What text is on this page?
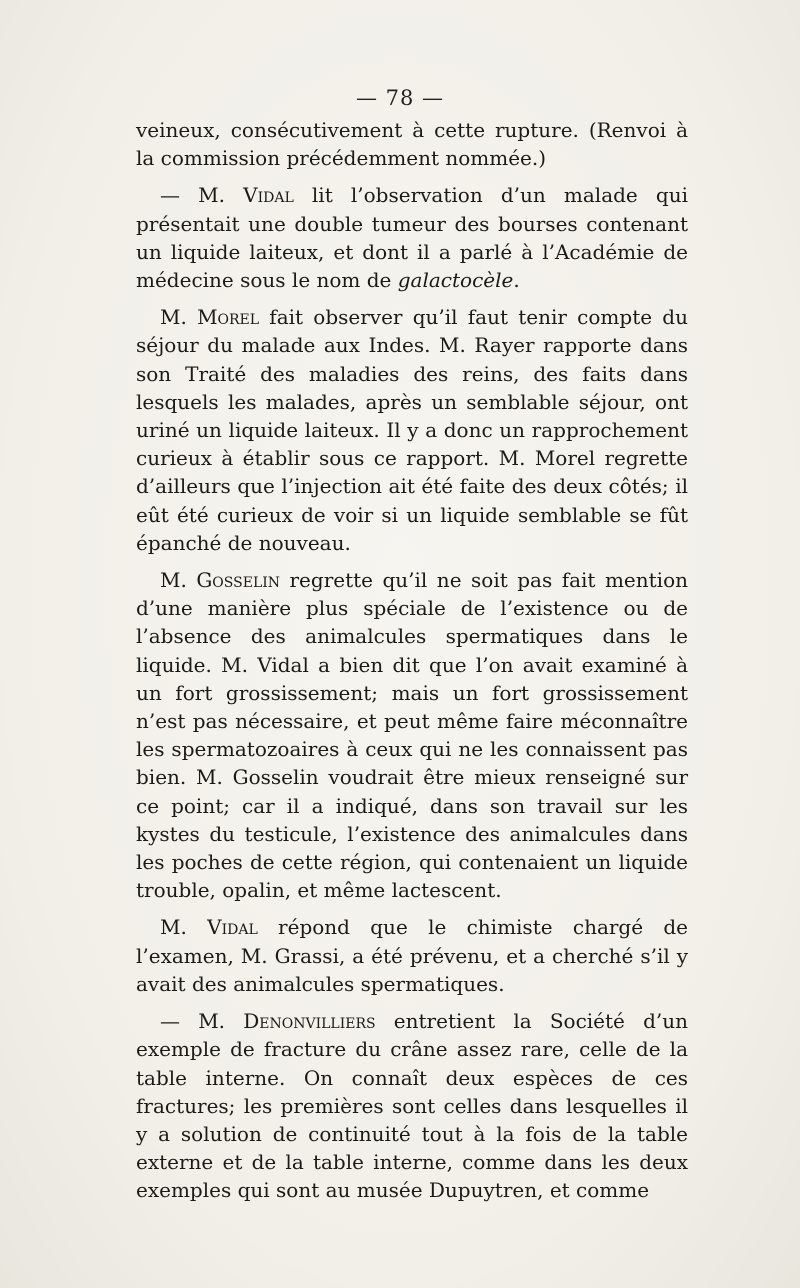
— 78 —

veineux, consécutivement à cette rupture. (Renvoi à la commission précédemment nommée.)

— M. Vidal lit l’observation d’un malade qui présentait une double tumeur des bourses contenant un liquide laiteux, et dont il a parlé à l’Académie de médecine sous le nom de galactocèle.

M. Morel fait observer qu’il faut tenir compte du séjour du malade aux Indes. M. Rayer rapporte dans son Traité des maladies des reins, des faits dans lesquels les malades, après un semblable séjour, ont uriné un liquide laiteux. Il y a donc un rapprochement curieux à établir sous ce rapport. M. Morel regrette d’ailleurs que l’injection ait été faite des deux côtés; il eût été curieux de voir si un liquide semblable se fût épanché de nouveau.

M. Gosselin regrette qu’il ne soit pas fait mention d’une manière plus spéciale de l’existence ou de l’absence des animalcules spermatiques dans le liquide. M. Vidal a bien dit que l’on avait examiné à un fort grossissement; mais un fort grossissement n’est pas nécessaire, et peut même faire méconnaître les spermatozoaires à ceux qui ne les connaissent pas bien. M. Gosselin voudrait être mieux renseigné sur ce point; car il a indiqué, dans son travail sur les kystes du testicule, l’existence des animalcules dans les poches de cette région, qui contenaient un liquide trouble, opalin, et même lactescent.

M. Vidal répond que le chimiste chargé de l’examen, M. Grassi, a été prévenu, et a cherché s’il y avait des animalcules spermatiques.

— M. Denonvilliers entretient la Société d’un exemple de fracture du crâne assez rare, celle de la table interne. On connaît deux espèces de ces fractures; les premières sont celles dans lesquelles il y a solution de continuité tout à la fois de la table externe et de la table interne, comme dans les deux exemples qui sont au musée Dupuytren, et comme
